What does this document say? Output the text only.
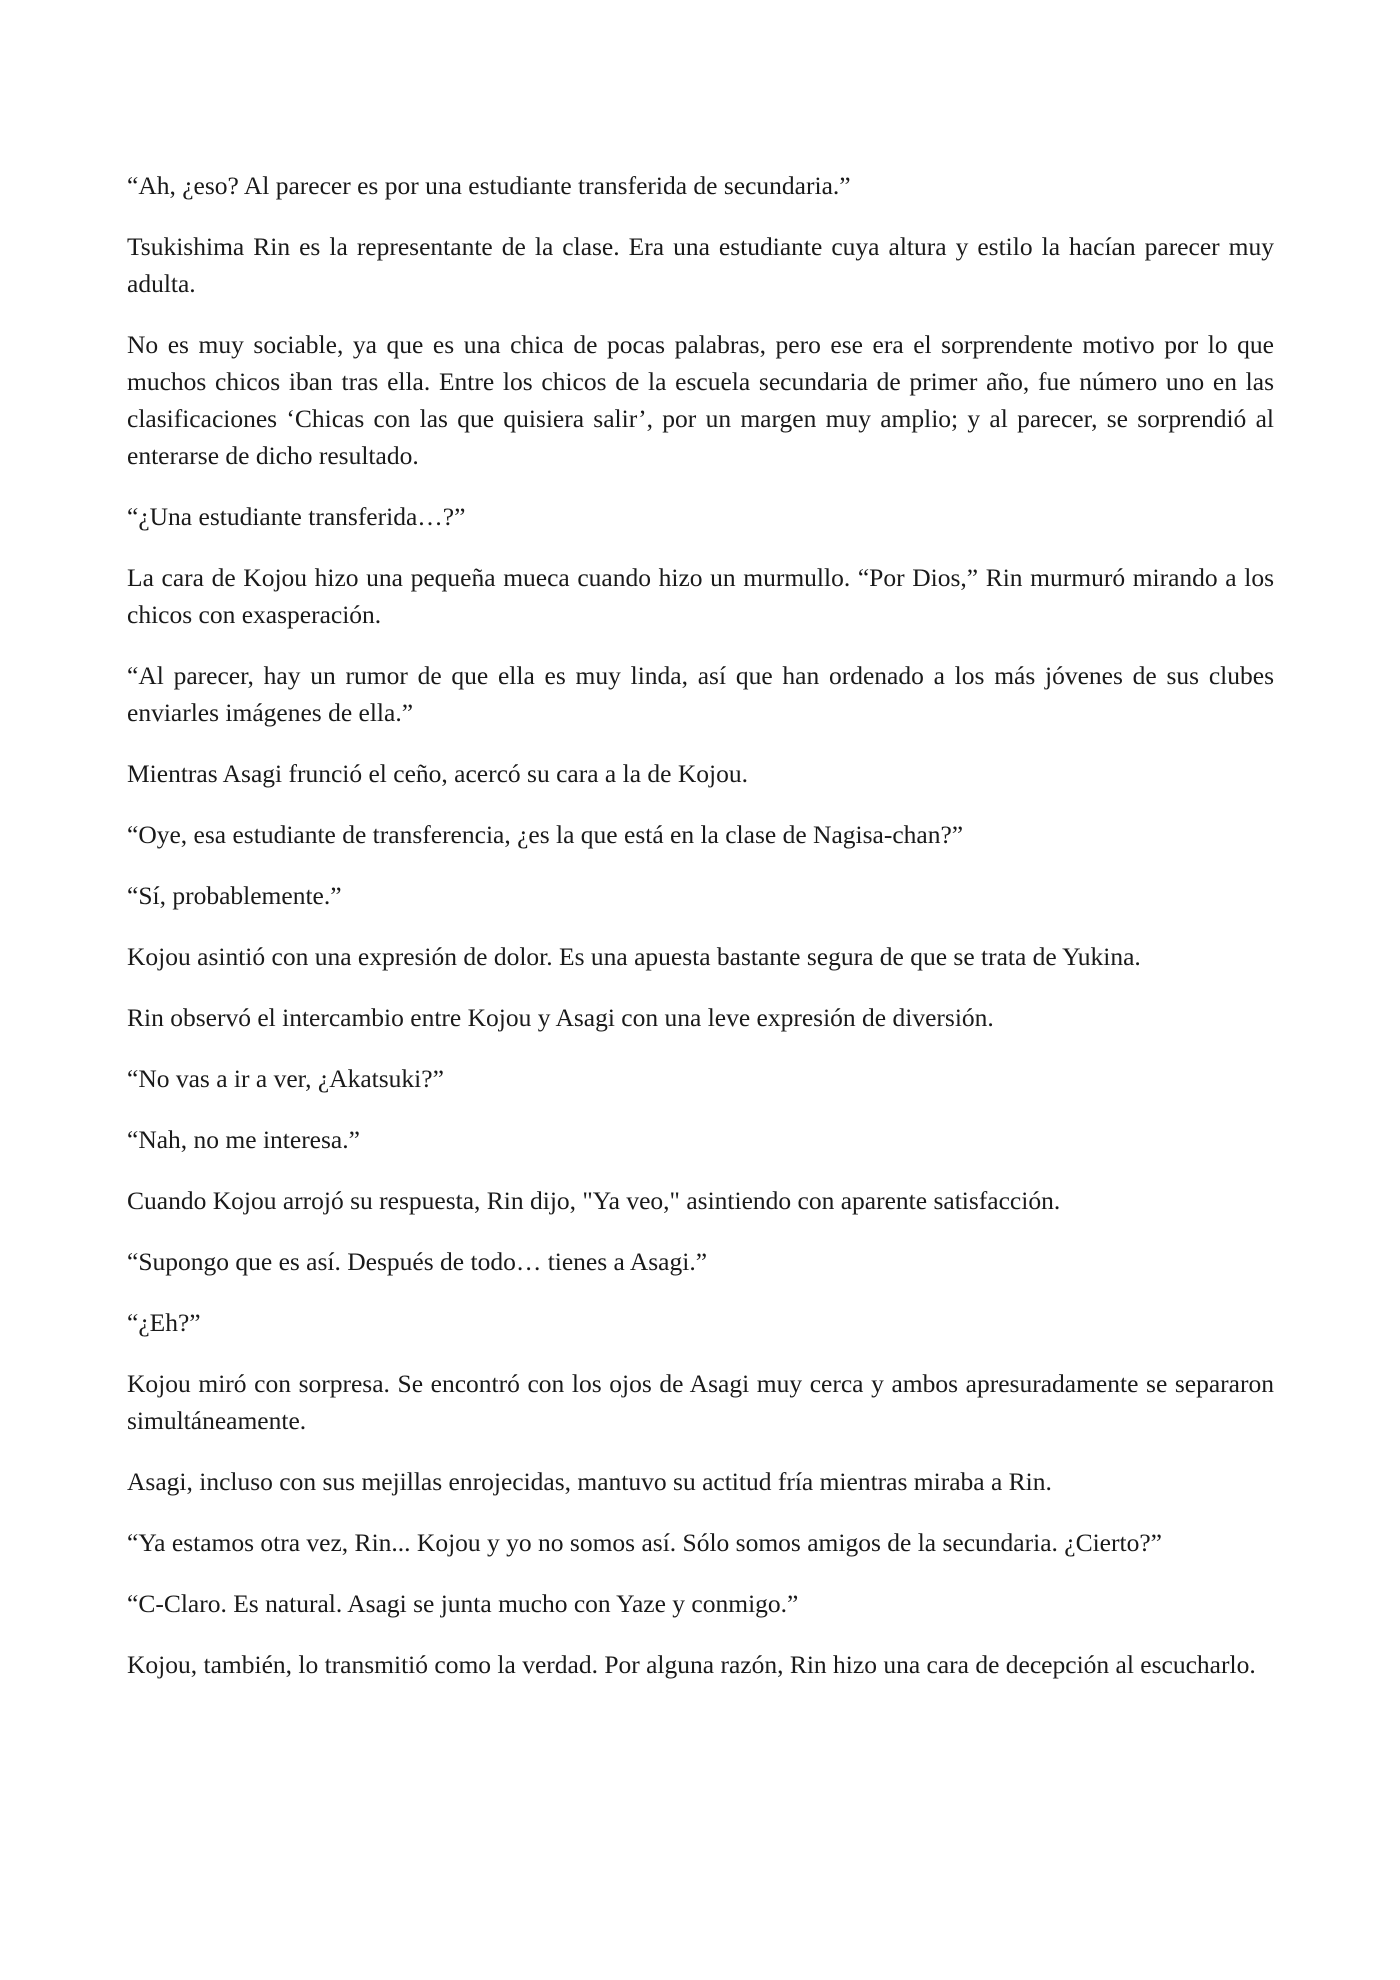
“Ah, ¿eso? Al parecer es por una estudiante transferida de secundaria.”

Tsukishima Rin es la representante de la clase. Era una estudiante cuya altura y estilo la hacían parecer muy adulta.

No es muy sociable, ya que es una chica de pocas palabras, pero ese era el sorprendente motivo por lo que muchos chicos iban tras ella. Entre los chicos de la escuela secundaria de primer año, fue número uno en las clasificaciones ‘Chicas con las que quisiera salir’, por un margen muy amplio; y al parecer, se sorprendió al enterarse de dicho resultado.

“¿Una estudiante transferida…?”

La cara de Kojou hizo una pequeña mueca cuando hizo un murmullo. “Por Dios,” Rin murmuró mirando a los chicos con exasperación.

“Al parecer, hay un rumor de que ella es muy linda, así que han ordenado a los más jóvenes de sus clubes enviarles imágenes de ella.”

Mientras Asagi frunció el ceño, acercó su cara a la de Kojou.

“Oye, esa estudiante de transferencia, ¿es la que está en la clase de Nagisa-chan?”

“Sí, probablemente.”

Kojou asintió con una expresión de dolor. Es una apuesta bastante segura de que se trata de Yukina.

Rin observó el intercambio entre Kojou y Asagi con una leve expresión de diversión.

“No vas a ir a ver, ¿Akatsuki?”

“Nah, no me interesa.”

Cuando Kojou arrojó su respuesta, Rin dijo, "Ya veo," asintiendo con aparente satisfacción.

“Supongo que es así. Después de todo… tienes a Asagi.”

“¿Eh?”

Kojou miró con sorpresa. Se encontró con los ojos de Asagi muy cerca y ambos apresuradamente se separaron simultáneamente.

Asagi, incluso con sus mejillas enrojecidas, mantuvo su actitud fría mientras miraba a Rin.

“Ya estamos otra vez, Rin... Kojou y yo no somos así. Sólo somos amigos de la secundaria. ¿Cierto?”

“C-Claro. Es natural. Asagi se junta mucho con Yaze y conmigo.”

Kojou, también, lo transmitió como la verdad. Por alguna razón, Rin hizo una cara de decepción al escucharlo.
